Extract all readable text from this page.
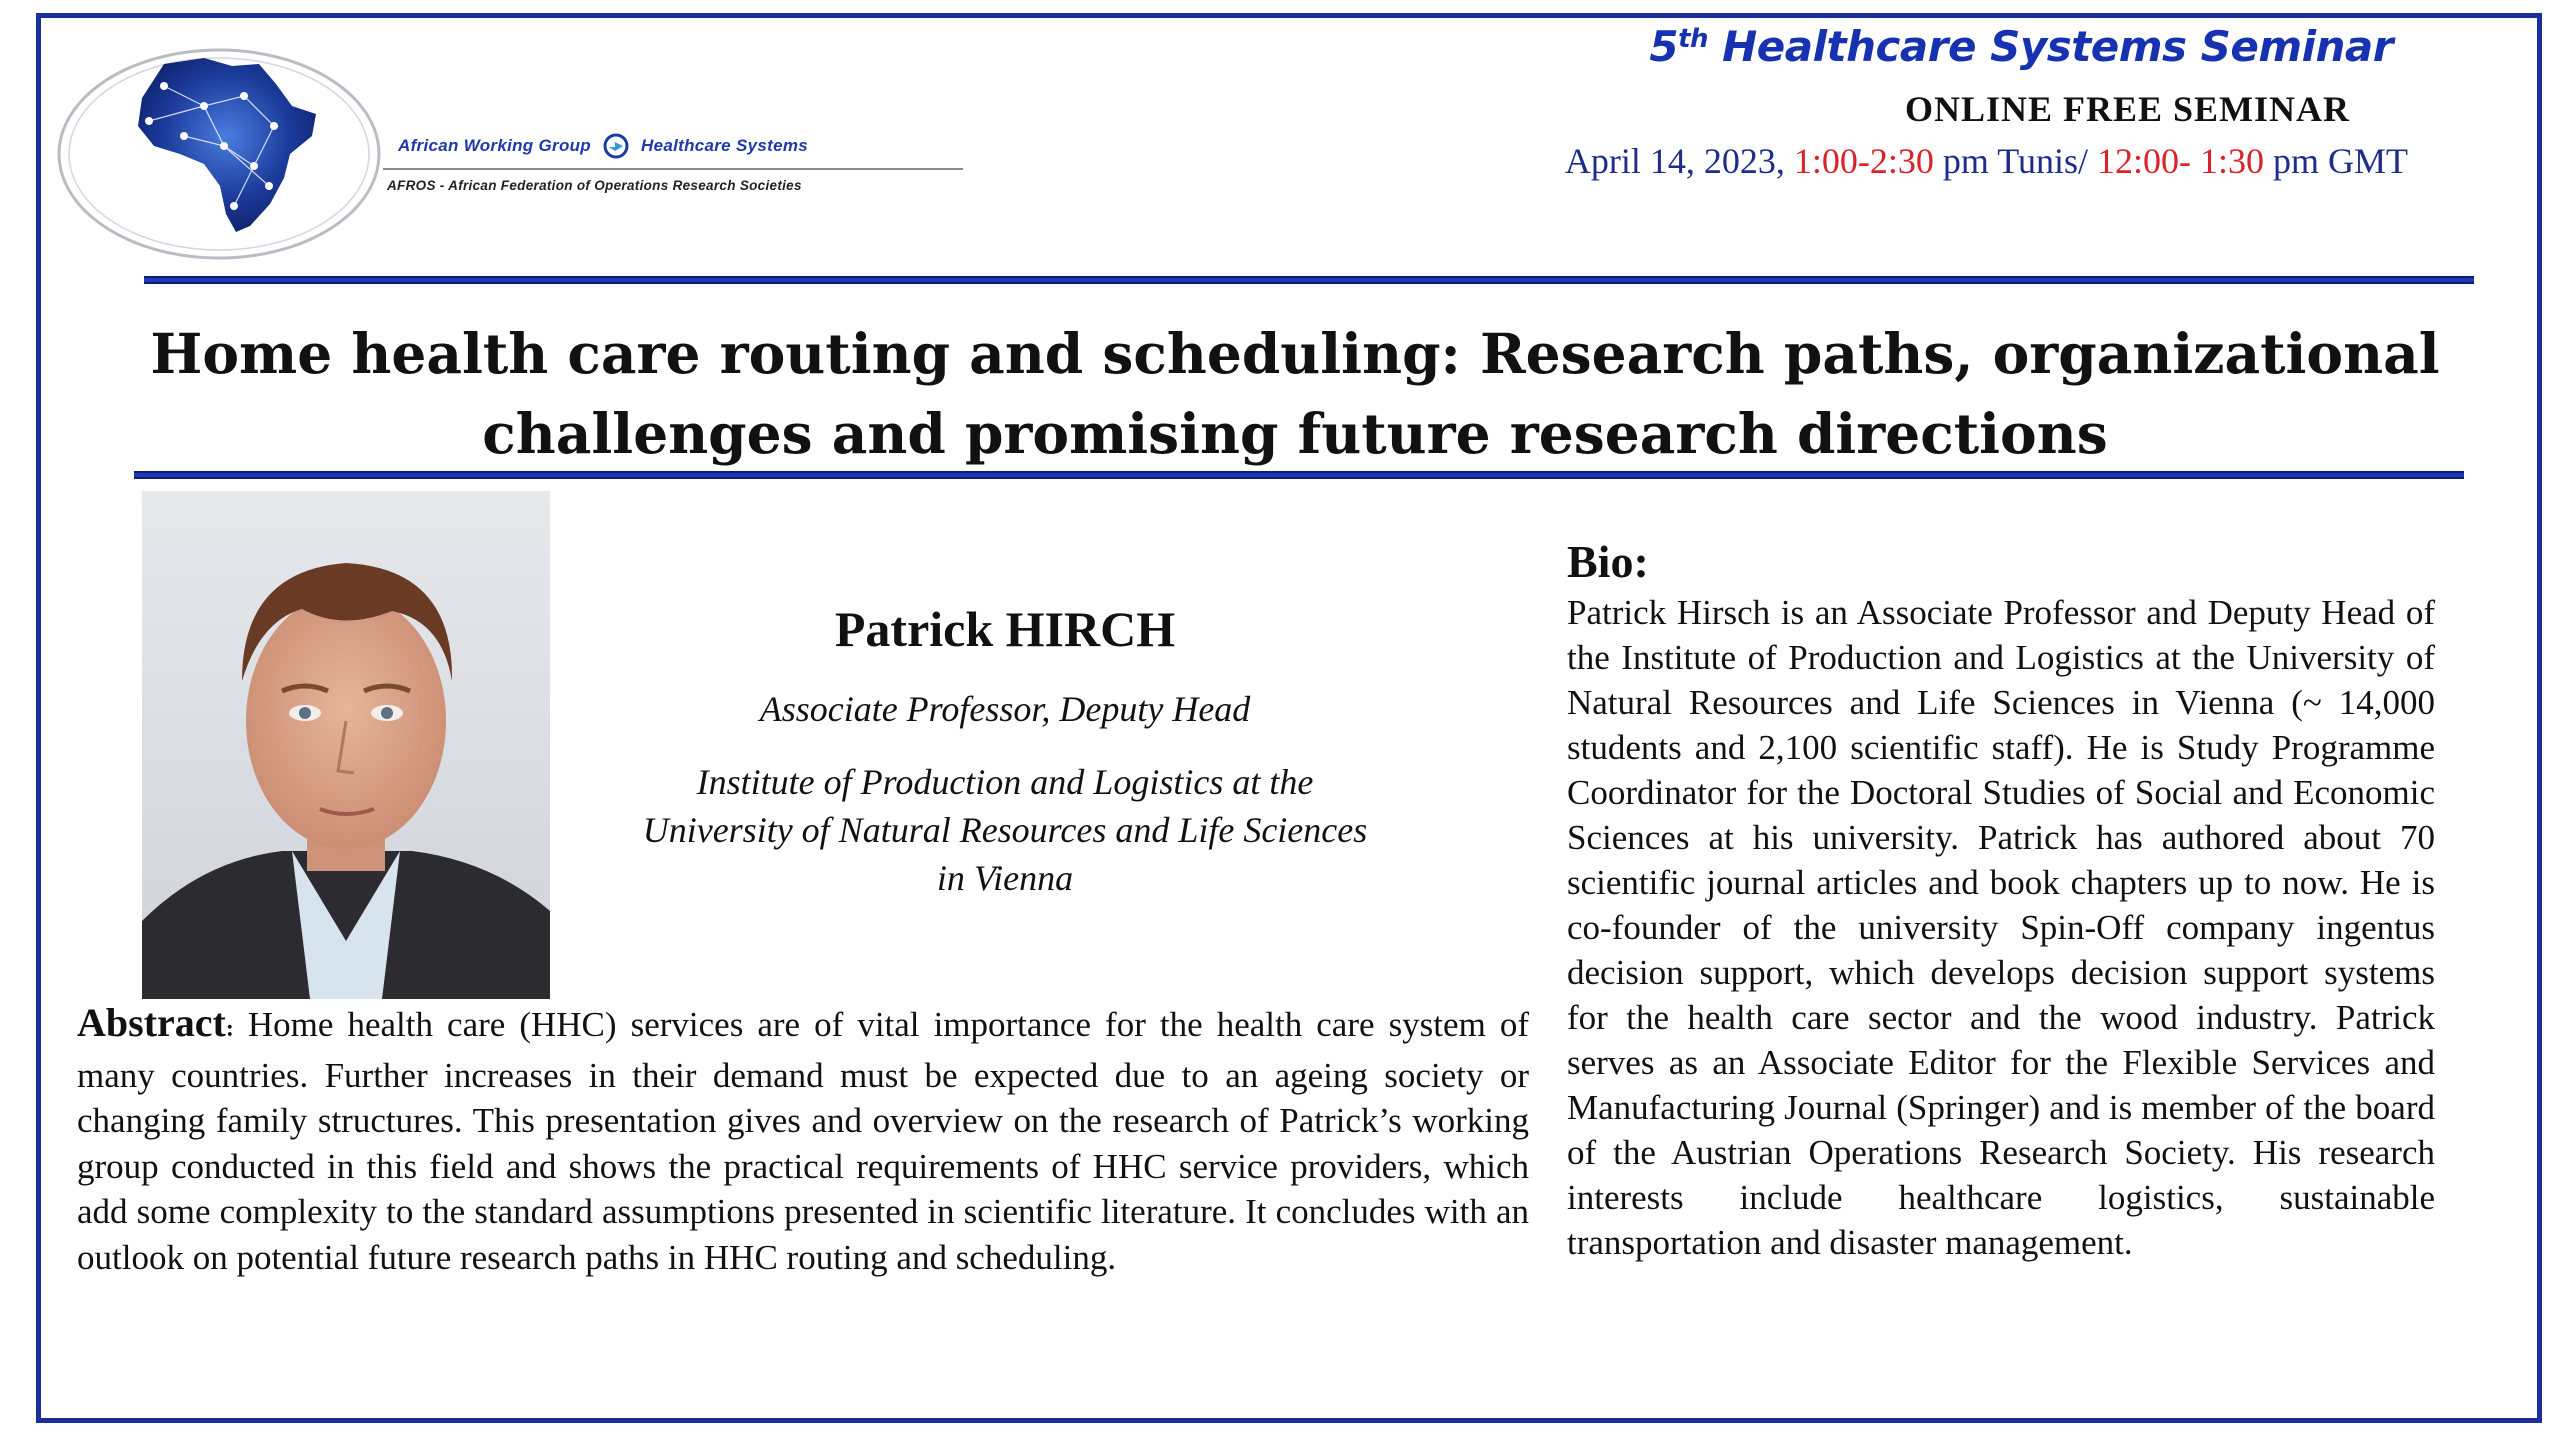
African Working Group	Healthcare Systems
AFROS - African Federation of Operations Research Societies
5th Healthcare Systems Seminar
ONLINE FREE SEMINAR
April 14, 2023, 1:00-2:30 pm Tunis/ 12:00- 1:30 pm GMT
Home health care routing and scheduling: Research paths, organizational
challenges and promising future research directions
Patrick HIRCH
Associate Professor, Deputy Head
Institute of Production and Logistics at the
University of Natural Resources and Life Sciences
in Vienna
Abstract: Home health care (HHC) services are of vital importance for the health care system of many countries. Further increases in their demand must be expected due to an ageing society or changing family structures. This presentation gives and overview on the research of Patrick’s working group conducted in this field and shows the practical requirements of HHC service providers, which add some complexity to the standard assumptions presented in scientific literature. It concludes with an outlook on potential future research paths in HHC routing and scheduling.
Bio:
Patrick Hirsch is an Associate Professor and Deputy Head of the Institute of Production and Logistics at the University of Natural Resources and Life Sciences in Vienna (~ 14,000 students and 2,100 scientific staff). He is Study Programme Coordinator for the Doctoral Studies of Social and Economic Sciences at his university. Patrick has authored about 70 scientific journal articles and book chapters up to now. He is co-founder of the university Spin-Off company ingentus decision support, which develops decision support systems for the health care sector and the wood industry. Patrick serves as an Associate Editor for the Flexible Services and Manufacturing Journal (Springer) and is member of the board of the Austrian Operations Research Society. His research interests include healthcare logistics, sustainable transportation and disaster management.
